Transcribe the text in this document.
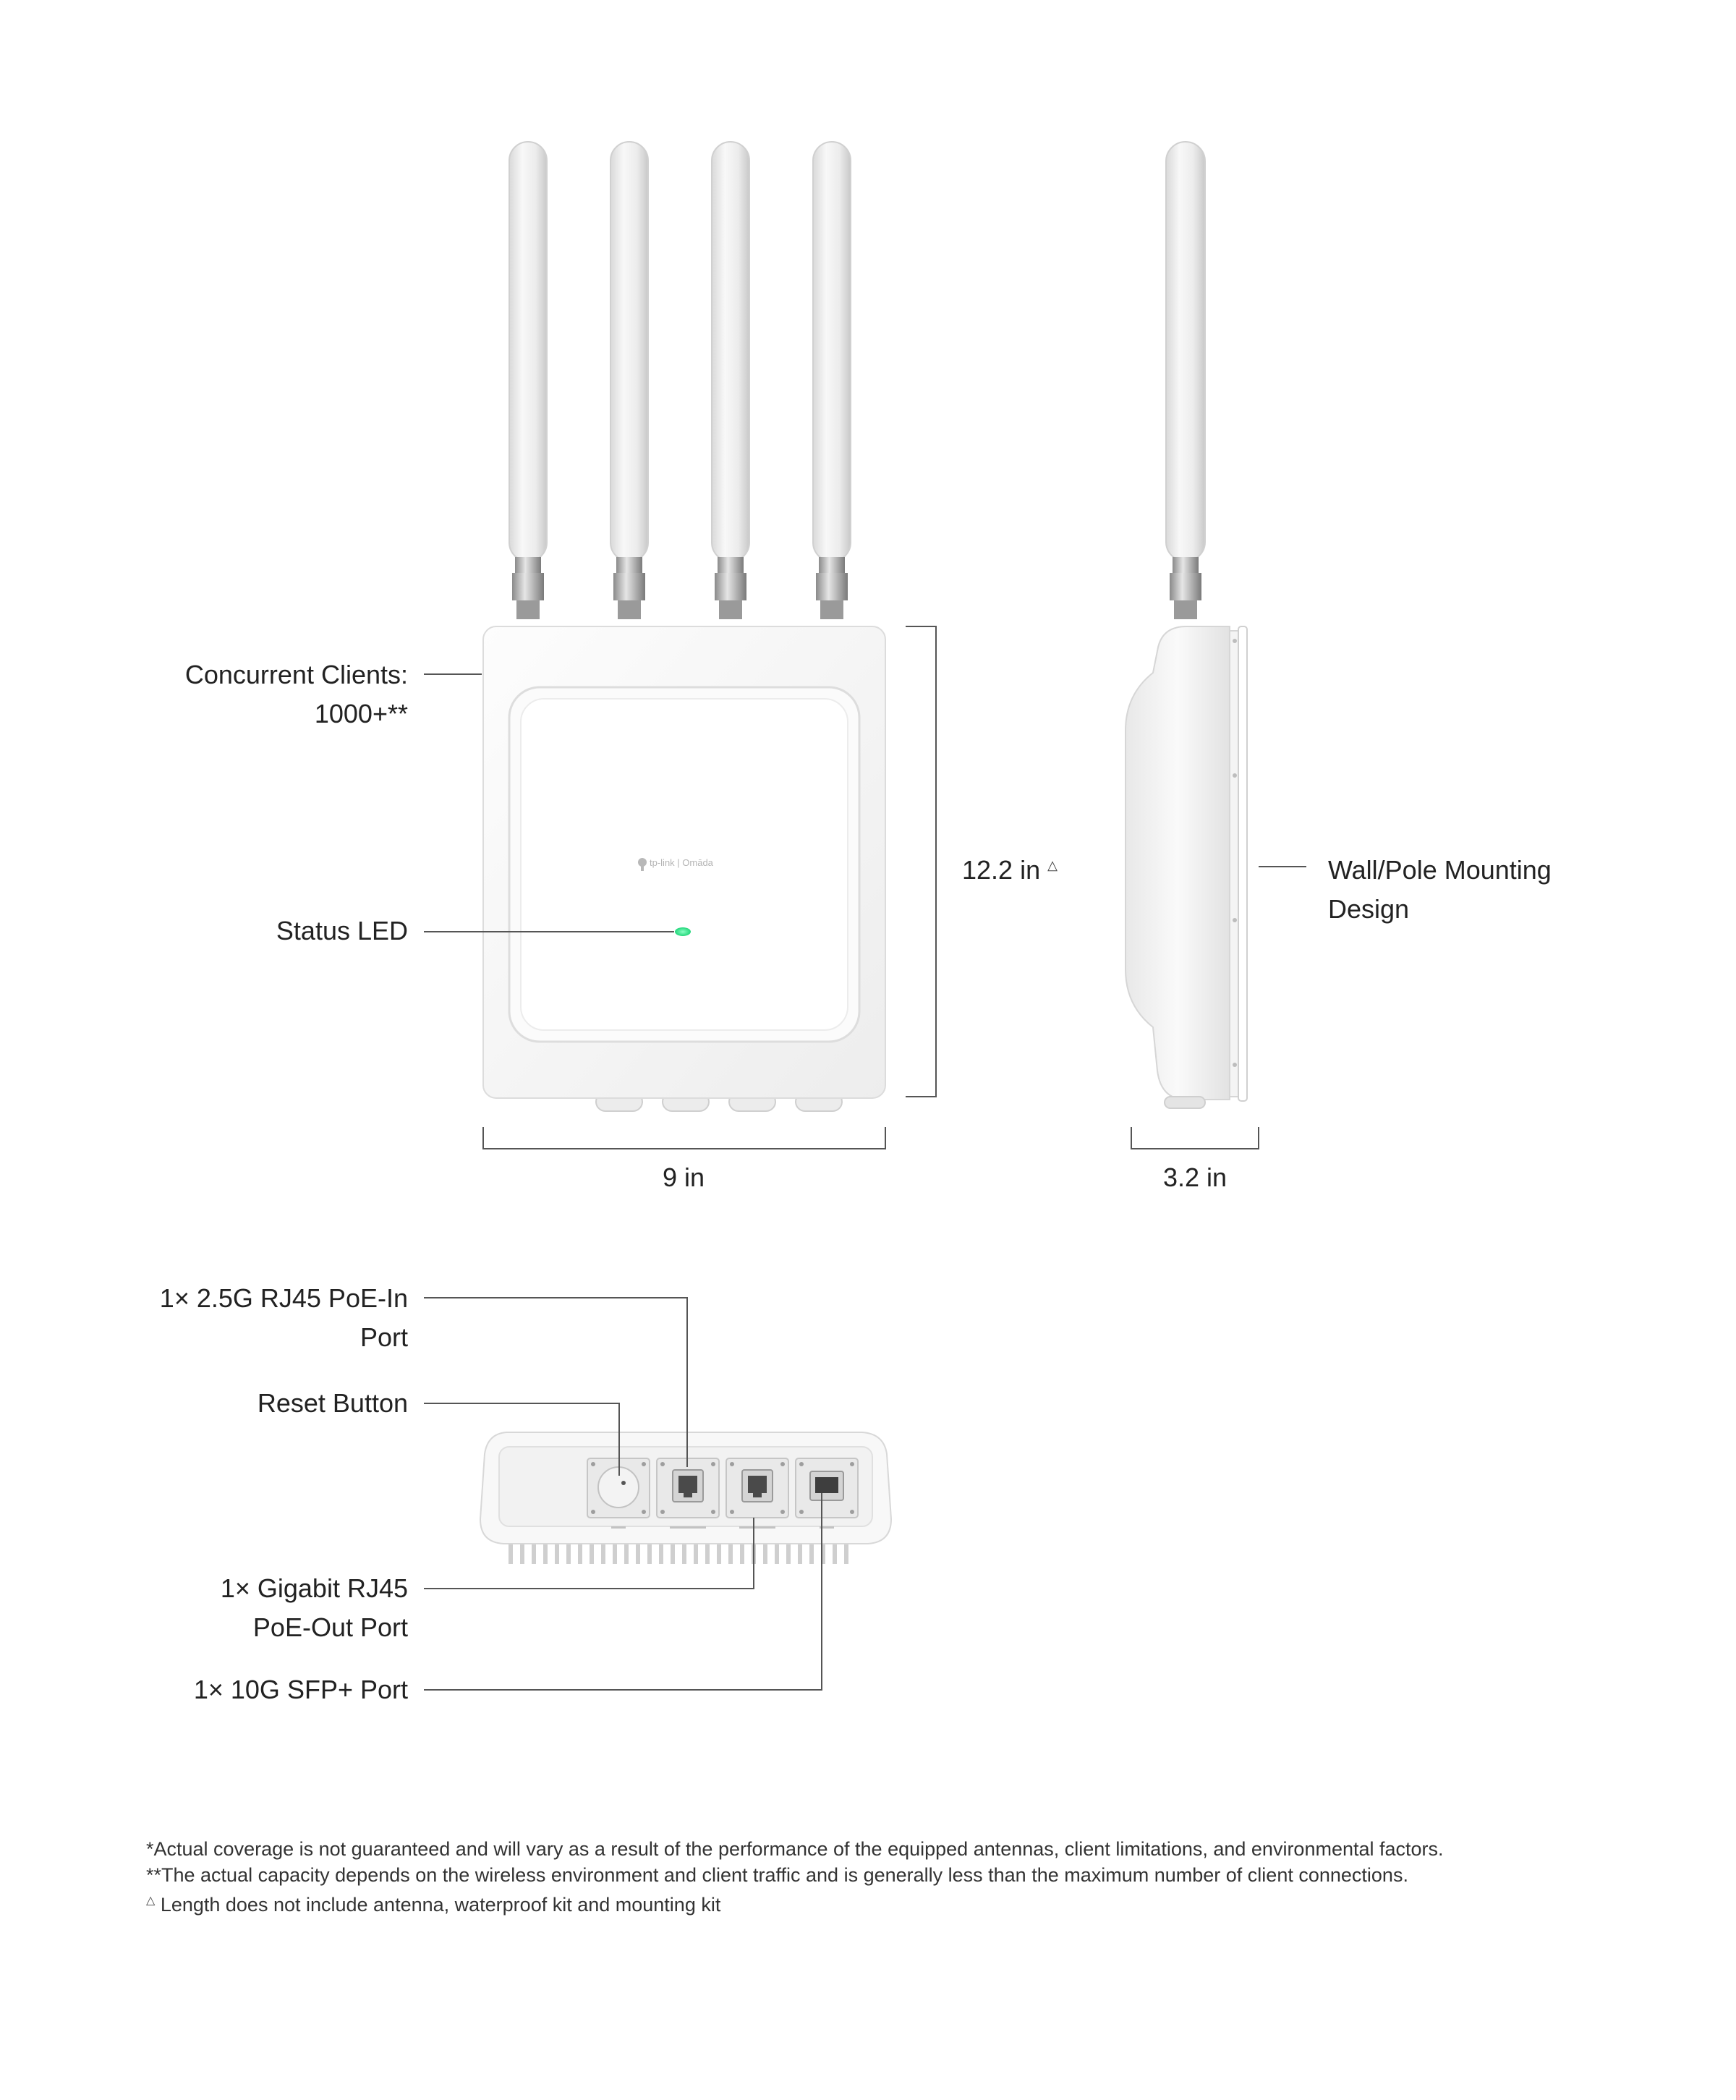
tp-link | Omāda
Concurrent Clients:
1000+**
Status LED
Wall/Pole Mounting
Design
1× 2.5G RJ45 PoE-In
Port
Reset Button
1× Gigabit RJ45
PoE-Out Port
1× 10G SFP+ Port
12.2 in △
9 in	3.2 in
*Actual coverage is not guaranteed and will vary as a result of the performance of the equipped antennas, client limitations, and environmental factors.
**The actual capacity depends on the wireless environment and client traffic and is generally less than the maximum number of client connections.
△ Length does not include antenna, waterproof kit and mounting kit
